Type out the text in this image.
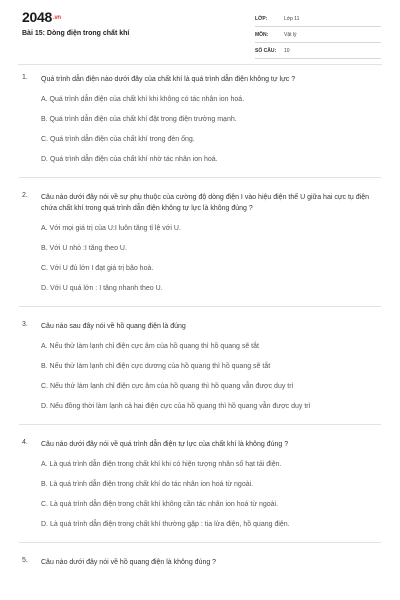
2048.vn
Bài 15: Dòng điện trong chất khí
LỚP:	Lớp 11
MÔN:	Vật lý
SỐ CÂU: 10
1. Quá trình dẫn điện nào dưới đây của chất khí là quá trình dẫn điện không tự lực ?
A. Quá trình dẫn điện của chất khí khi không có tác nhân ion hoá.
B. Quá trình dẫn điện của chất khí đặt trong điện trường mạnh.
C. Quá trình dẫn điện của chất khí trong đèn ống.
D. Quá trình dẫn điện của chất khí nhờ tác nhân ion hoá.
2. Câu nào dưới đây nói về sự phụ thuộc của cường độ dòng điện I vào hiệu điện thế U giữa hai cực tụ điện chứa chất khí trong quá trình dẫn điện không tự lực là không đúng ?
A. Với mọi giá trị của U:I luôn tăng tỉ lệ với U.
B. Với U nhỏ :I tăng theo U.
C. Với U đủ lớn I đạt giá trị bão hoà.
D. Với U quá lớn : I tăng nhanh theo U.
3. Câu nào sau đây nói về hồ quang điện là đúng
A. Nếu thử làm lạnh chỉ điện cực âm của hồ quang thì hồ quang sẽ tắt
B. Nếu thử làm lạnh chỉ điện cực dương của hồ quang thì hồ quang sẽ tắt
C. Nếu thử làm lạnh chỉ điện cực âm của hồ quang thì hồ quang vẫn được duy trì
D. Nếu đồng thời làm lạnh cả hai điện cực của hồ quang thì hồ quang vẫn được duy trì
4. Câu nào dưới đây nói về quá trình dẫn điện tự lực của chất khí là không đúng ?
A. Là quá trình dẫn điện trong chất khí khi có hiện tượng nhân số hạt tải điện.
B. Là quá trình dẫn điện trong chất khí do tác nhân ion hoá từ ngoài.
C. Là quá trình dẫn điện trong chất khí không cần tác nhân ion hoá từ ngoài.
D. Là quá trình dẫn điện trong chất khí thường gặp : tia lửa điện, hồ quang điện.
5. Câu nào dưới đây nói về hồ quang điện là không đúng ?
